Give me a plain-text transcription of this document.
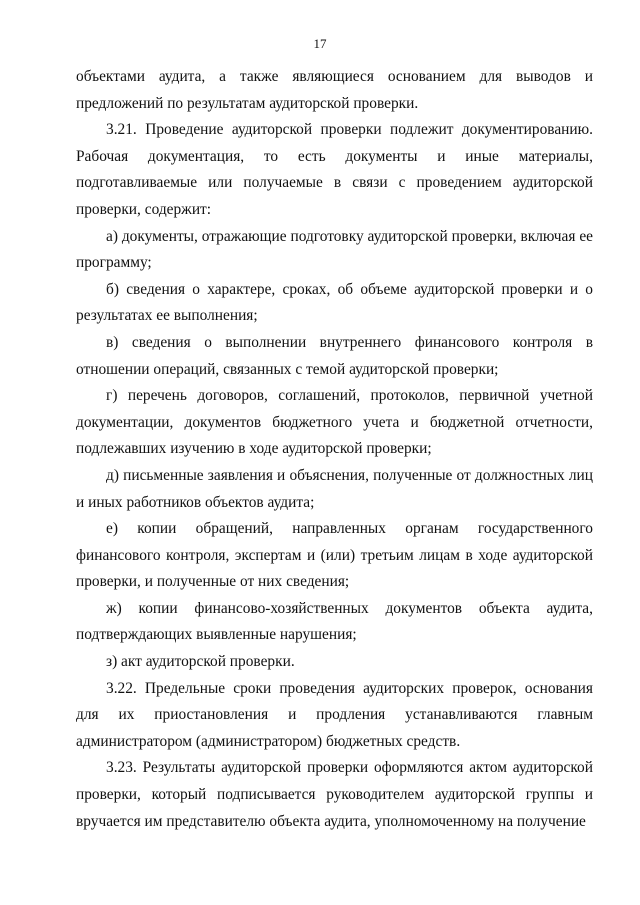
17

объектами аудита, а также являющиеся основанием для выводов и предложений по результатам аудиторской проверки.

3.21. Проведение аудиторской проверки подлежит документированию. Рабочая документация, то есть документы и иные материалы, подготавливаемые или получаемые в связи с проведением аудиторской проверки, содержит:

а) документы, отражающие подготовку аудиторской проверки, включая ее программу;

б) сведения о характере, сроках, об объеме аудиторской проверки и о результатах ее выполнения;

в) сведения о выполнении внутреннего финансового контроля в отношении операций, связанных с темой аудиторской проверки;

г) перечень договоров, соглашений, протоколов, первичной учетной документации, документов бюджетного учета и бюджетной отчетности, подлежавших изучению в ходе аудиторской проверки;

д) письменные заявления и объяснения, полученные от должностных лиц и иных работников объектов аудита;

е) копии обращений, направленных органам государственного финансового контроля, экспертам и (или) третьим лицам в ходе аудиторской проверки, и полученные от них сведения;

ж) копии финансово-хозяйственных документов объекта аудита, подтверждающих выявленные нарушения;

з) акт аудиторской проверки.

3.22. Предельные сроки проведения аудиторских проверок, основания для их приостановления и продления устанавливаются главным администратором (администратором) бюджетных средств.

3.23. Результаты аудиторской проверки оформляются актом аудиторской проверки, который подписывается руководителем аудиторской группы и вручается им представителю объекта аудита, уполномоченному на получение
